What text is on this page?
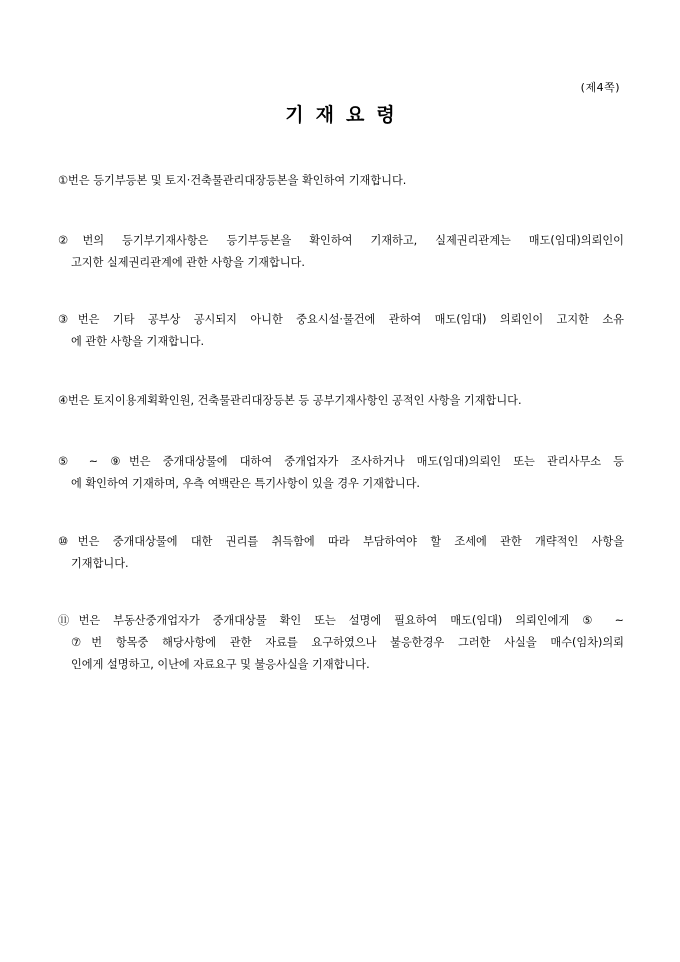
(제4쪽)
기재요령
①번은 등기부등본 및 토지·건축물관리대장등본을 확인하여 기재합니다.
②번의 등기부기재사항은 등기부등본을 확인하여 기재하고, 실제권리관계는 매도(임대)의뢰인이
고지한 실제권리관계에 관한 사항을 기재합니다.
③번은 기타 공부상 공시되지 아니한 중요시설·물건에 관하여 매도(임대) 의뢰인이 고지한 소유
에 관한 사항을 기재합니다.
④번은 토지이용계획확인원, 건축물관리대장등본 등 공부기재사항인 공적인 사항을 기재합니다.
⑤ ~ ⑨번은 중개대상물에 대하여 중개업자가 조사하거나 매도(임대)의뢰인 또는 관리사무소 등
에 확인하여 기재하며, 우측 여백란은 특기사항이 있을 경우 기재합니다.
⑩번은 중개대상물에 대한 권리를 취득함에 따라 부담하여야 할 조세에 관한 개략적인 사항을
기재합니다.
⑪번은 부동산중개업자가 중개대상물 확인 또는 설명에 필요하여 매도(임대) 의뢰인에게 ⑤ ~
⑦번 항목중 해당사항에 관한 자료를 요구하였으나 불응한경우 그러한 사실을 매수(임차)의뢰
인에게 설명하고, 이난에 자료요구 및 불응사실을 기재합니다.
